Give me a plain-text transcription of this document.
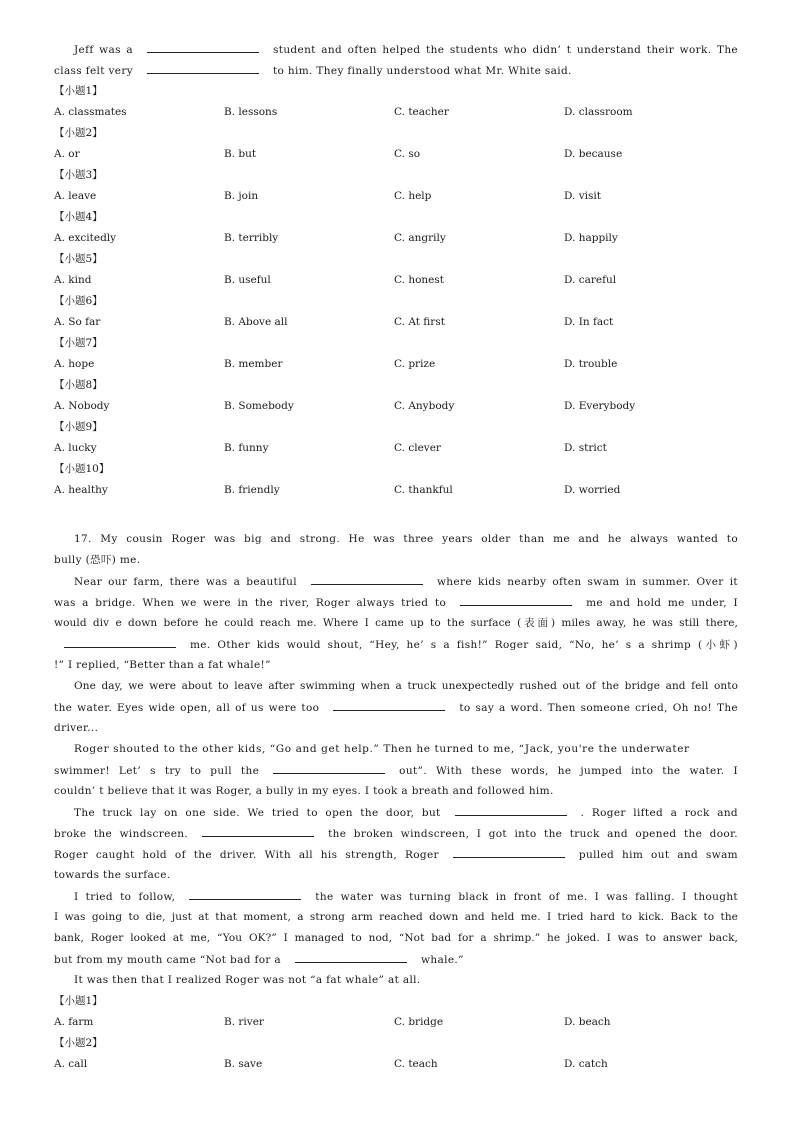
Jeff was a	student and often helped the students who didn’ t understand their work. The
class felt very	to him. They finally understood what Mr. White said.
【小题1】
A. classmates	B. lessons	C. teacher	D. classroom
【小题2】
A. or	B. but	C. so	D. because
【小题3】
A. leave	B. join	C. help	D. visit
【小题4】
A. excitedly	B. terribly	C. angrily	D. happily
【小题5】
A. kind	B. useful	C. honest	D. careful
【小题6】
A. So far	B. Above all	C. At first	D. In fact
【小题7】
A. hope	B. member	C. prize	D. trouble
【小题8】
A. Nobody	B. Somebody	C. Anybody	D. Everybody
【小题9】
A. lucky	B. funny	C. clever	D. strict
【小题10】
A. healthy	B. friendly	C. thankful	D. worried
17. My cousin Roger was big and strong. He was three years older than me and he always wanted to
bully (恐吓) me.
Near our farm, there was a beautiful	where kids nearby often swam in summer. Over it
was a bridge. When we were in the river, Roger always tried to	me and hold me under, I
would div e down before he could reach me. Where I came up to the surface (表面) miles away, he was still there,
me. Other kids would shout, “Hey, he’ s a fish!” Roger said, “No, he’ s a shrimp (小虾)
!” I replied, “Better than a fat whale!”
One day, we were about to leave after swimming when a truck unexpectedly rushed out of the bridge and fell onto
the water. Eyes wide open, all of us were too	to say a word. Then someone cried, Oh no! The
driver...
Roger shouted to the other kids, “Go and get help.” Then he turned to me, “Jack, you're the underwater
swimmer! Let’ s try to pull the	out”. With these words, he jumped into the water. I
couldn’ t believe that it was Roger, a bully in my eyes. I took a breath and followed him.
The truck lay on one side. We tried to open the door, but	. Roger lifted a rock and
broke the windscreen.	the broken windscreen, I got into the truck and opened the door.
Roger caught hold of the driver. With all his strength, Roger	pulled him out and swam
towards the surface.
I tried to follow,	the water was turning black in front of me. I was falling. I thought
I was going to die, just at that moment, a strong arm reached down and held me. I tried hard to kick. Back to the
bank, Roger looked at me, “You OK?” I managed to nod, “Not bad for a shrimp.” he joked. I was to answer back,
but from my mouth came “Not bad for a	whale.”
It was then that I realized Roger was not “a fat whale” at all.
【小题1】
A. farm	B. river	C. bridge	D. beach
【小题2】
A. call	B. save	C. teach	D. catch
